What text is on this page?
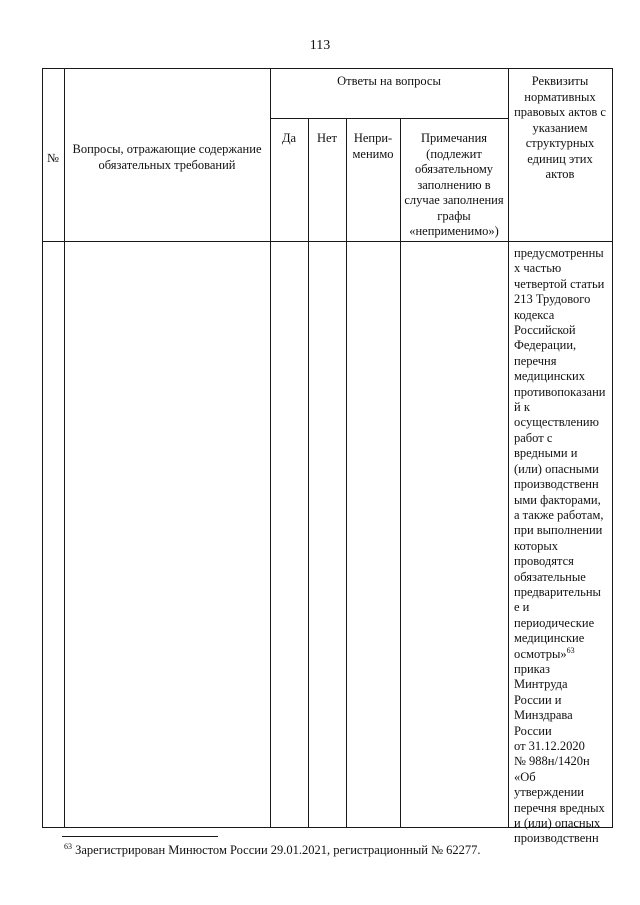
113
№
Вопросы, отражающие содержание
обязательных требований
Ответы на вопросы
Да	Нет	Непри-
менимо
Примечания
(подлежит
обязательному
заполнению в
случае заполнения
графы
«неприменимо»)
Реквизиты
нормативных
правовых актов с
указанием
структурных
единиц этих
актов
предусмотренны
х частью
четвертой статьи
213 Трудового
кодекса
Российской
Федерации,
перечня
медицинских
противопоказани
й к
осуществлению
работ с
вредными и
(или) опасными
производственн
ыми факторами,
а также работам,
при выполнении
которых
проводятся
обязательные
предварительны
е и
периодические
медицинские
осмотры»$^{63}$
приказ
Минтруда
России и
Минздрава
России
от 31.12.2020
№ 988н/1420н
«Об
утверждении
перечня вредных
и (или) опасных
производственн
$^{63}$ Зарегистрирован Минюстом России 29.01.2021, регистрационный № 62277.
